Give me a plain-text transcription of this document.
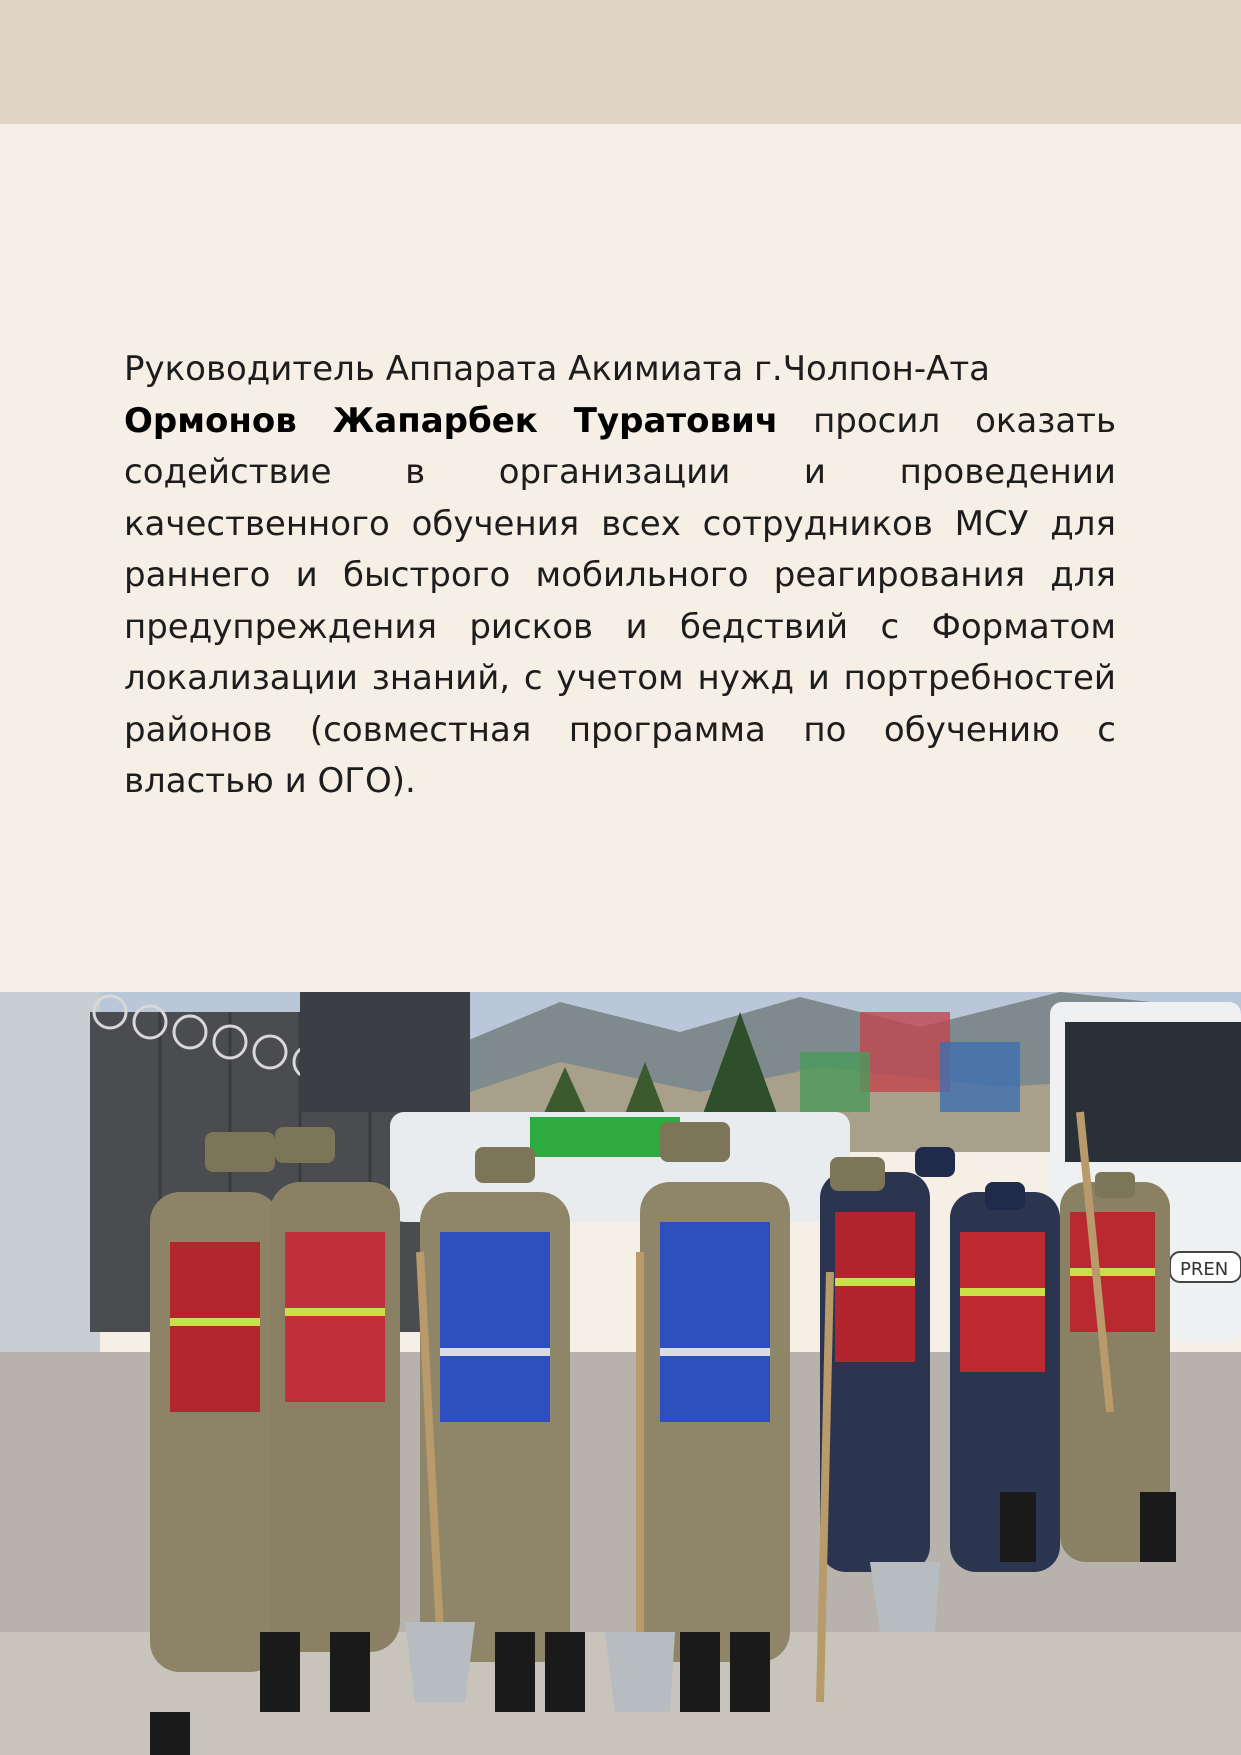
Руководитель Аппарата Акимиата г.Чолпон-Ата
Ормонов Жапарбек Туратович просил оказать содействие в организации и проведении качественного обучения всех сотрудников МСУ для раннего и быстрого мобильного реагирования для предупреждения рисков и бедствий с Форматом локализации знаний, с учетом нужд и портребностей районов (совместная программа по обучению с властью и ОГО).
PREN
